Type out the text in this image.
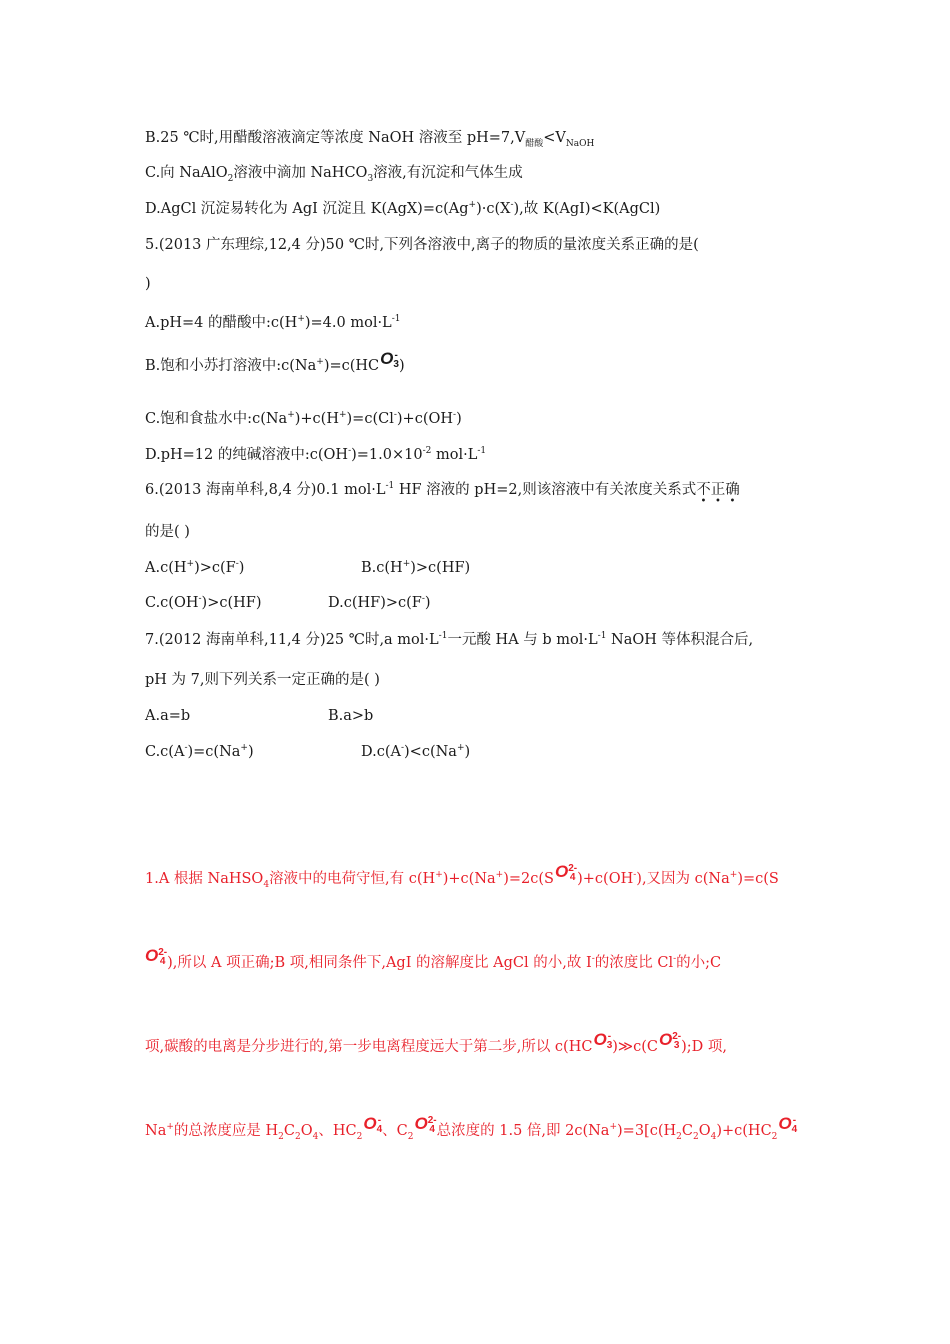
B.25 ℃时,用醋酸溶液滴定等浓度 NaOH 溶液至 $pH=7,V_{醋酸}<V_{NaOH}$
C.向 NaAlO$_2$溶液中滴加 NaHCO$_3$溶液,有沉淀和气体生成
D.AgCl 沉淀易转化为 AgI 沉淀且 K(AgX)=c(Ag+)·c(X-),故 K(AgI)<K(AgCl)
5.(2013 广东理综,12,4 分)50 ℃时,下列各溶液中,离子的物质的量浓度关系正确的是(
)
A.pH=4 的醋酸中:c(H+)=4.0 $mol\cdot L^{-1}$
B.饱和小苏打溶液中:c(Na+)=c(HCO-
3)
C.饱和食盐水中:c(Na+)+c(H+)=c(Cl-)+c(OH-)
D.pH=12 的纯碱溶液中$:c(OH^-)=1.0\times 10^{-2}$ $mol\cdot L^{-1}$
6.(2013 海南单科,8,4 分)0.1 $mol\cdot L^{-1}$ HF 溶液的 pH=2,则该溶液中有关浓度关系式不正确
的是( )
A.c(H+)>c(F-)	B.c(H+)>c(HF)
C.c(OH-)>c(HF)	D.c(HF)>c(F-)
7.(2012 海南单科,11,4 分)25 ℃时,a $mol\cdot L^{-1}$一元酸 HA 与 b $mol\cdot L^{-1}$ NaOH 等体积混合后,
pH 为 7,则下列关系一定正确的是( )
A.a=b	B.a>b
C.c(A-)=c(Na+)	D.c(A-)<c(Na+)
1.A 根据 NaHSO$_4$溶液中的电荷守恒,有 c(H+)+c(Na+)=2c(SO2-
4 )+c(OH-),又因为 c(Na+)=c(S
O2-
4 ),所以 A 项正确;B 项,相同条件下,AgI 的溶解度比 AgCl 的小,故 I-的浓度比 Cl-的小;C
项,碳酸的电离是分步进行的,第一步电离程度远大于第二步,所以 c(HCO-
3)≫c(CO2-
3 );D 项,
Na+的总浓度应是 $H_2C_2O_4$、$HC_2O-$
4、$C_2O2-$
4 总浓度的 1.5 倍,即 $2c(Na^+)=3[c(H_2C_2O_4)+c(HC_2O-$
4
